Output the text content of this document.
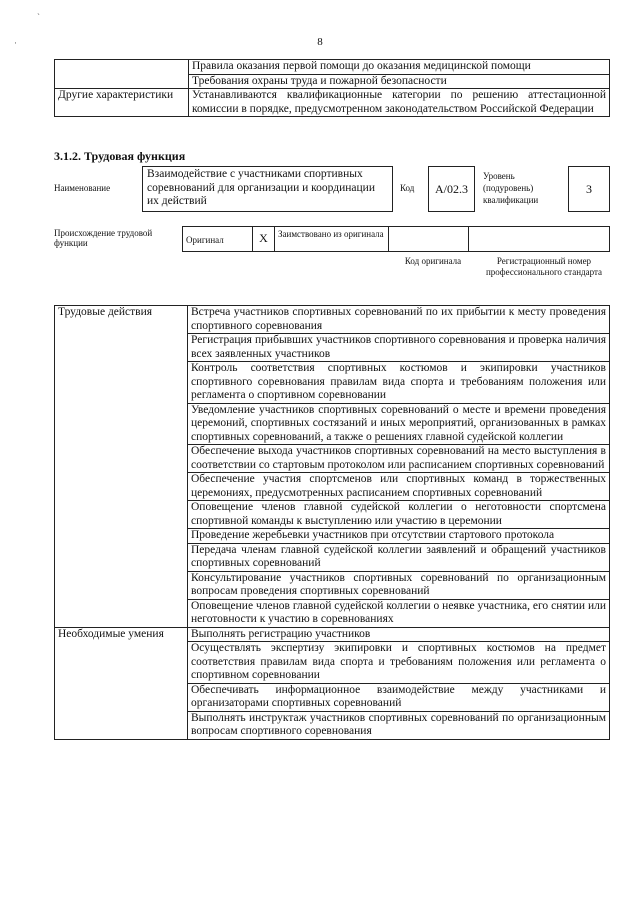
`
·	8
	Правила оказания первой помощи до оказания медицинской помощи
	Требования охраны труда и пожарной безопасности
Другие характеристики	Устанавливаются квалификационные категории по решению аттестационной комиссии в порядке, предусмотренном законодательством Российской Федерации
3.1.2. Трудовая функция
Наименование
Взаимодействие с участниками спортивных соревнований для организации и координации их действий
Код	A/02.3
Уровень (подуровень) квалификации
3
Происхождение трудовой функции	Оригинал	X	Заимствовано из оригинала
Код оригинала	Регистрационный номер профессионального стандарта
Трудовые действия	Встреча участников спортивных соревнований по их прибытии к месту проведения спортивного соревнования
	Регистрация прибывших участников спортивного соревнования и проверка наличия всех заявленных участников
	Контроль соответствия спортивных костюмов и экипировки участников спортивного соревнования правилам вида спорта и требованиям положения или регламента о спортивном соревновании
	Уведомление участников спортивных соревнований о месте и времени проведения церемоний, спортивных состязаний и иных мероприятий, организованных в рамках спортивных соревнований, а также о решениях главной судейской коллегии
	Обеспечение выхода участников спортивных соревнований на место выступления в соответствии со стартовым протоколом или расписанием спортивных соревнований
	Обеспечение участия спортсменов или спортивных команд в торжественных церемониях, предусмотренных расписанием спортивных соревнований
	Оповещение членов главной судейской коллегии о неготовности спортсмена спортивной команды к выступлению или участию в церемонии
	Проведение жеребьевки участников при отсутствии стартового протокола
	Передача членам главной судейской коллегии заявлений и обращений участников спортивных соревнований
	Консультирование участников спортивных соревнований по организационным вопросам проведения спортивных соревнований
	Оповещение членов главной судейской коллегии о неявке участника, его снятии или неготовности к участию в соревнованиях
Необходимые умения	Выполнять регистрацию участников
	Осуществлять экспертизу экипировки и спортивных костюмов на предмет соответствия правилам вида спорта и требованиям положения или регламента о спортивном соревновании
	Обеспечивать информационное взаимодействие между участниками и организаторами спортивных соревнований
	Выполнять инструктаж участников спортивных соревнований по организационным вопросам спортивного соревнования
